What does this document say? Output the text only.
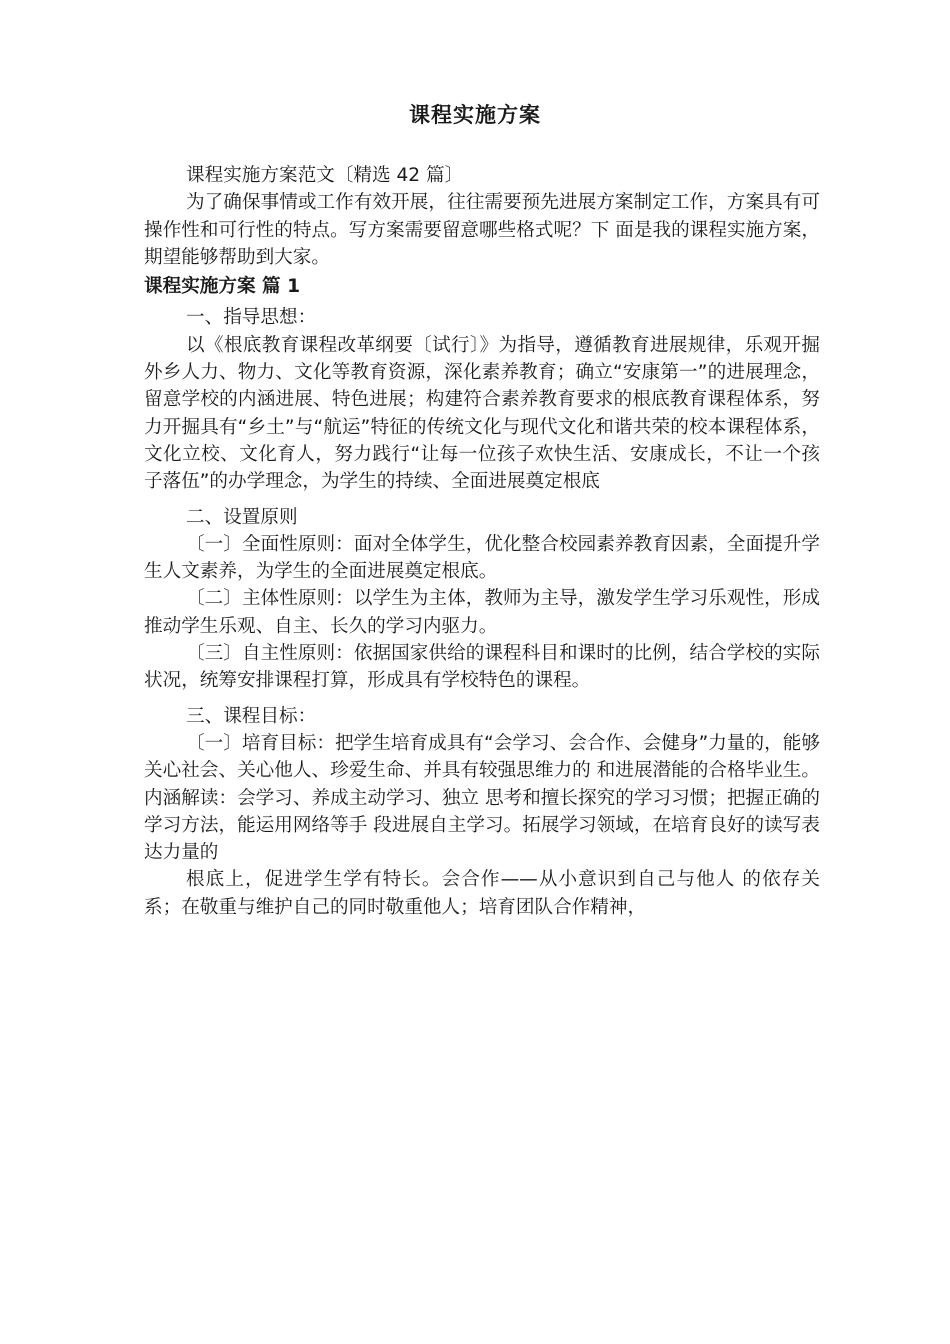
课程实施方案

课程实施方案范文〔精选 42 篇〕

为了确保事情或工作有效开展，往往需要预先进展方案制定工作，方案具有可操作性和可行性的特点。写方案需要留意哪些格式呢？下 面是我的课程实施方案，期望能够帮助到大家。

课程实施方案 篇 1

一、指导思想：

以《根底教育课程改革纲要〔试行〕》为指导，遵循教育进展规律，乐观开掘外乡人力、物力、文化等教育资源，深化素养教育；确立“安康第一”的进展理念，留意学校的内涵进展、特色进展；构建符合素养教育要求的根底教育课程体系，努力开掘具有“乡土”与“航运”特征的传统文化与现代文化和谐共荣的校本课程体系，文化立校、文化育人，努力践行“让每一位孩子欢快生活、安康成长，不让一个孩子落伍”的办学理念，为学生的持续、全面进展奠定根底

二、设置原则

〔一〕全面性原则：面对全体学生，优化整合校园素养教育因素，全面提升学生人文素养，为学生的全面进展奠定根底。

〔二〕主体性原则：以学生为主体，教师为主导，激发学生学习乐观性，形成推动学生乐观、自主、长久的学习内驱力。

〔三〕自主性原则：依据国家供给的课程科目和课时的比例，结合学校的实际状况，统筹安排课程打算，形成具有学校特色的课程。

三、课程目标：

〔一〕培育目标：把学生培育成具有“会学习、会合作、会健身”力量的，能够关心社会、关心他人、珍爱生命、并具有较强思维力的 和进展潜能的合格毕业生。内涵解读：会学习、养成主动学习、独立 思考和擅长探究的学习习惯；把握正确的学习方法，能运用网络等手 段进展自主学习。拓展学习领域，在培育良好的读写表达力量的

根底上，促进学生学有特长。会合作——从小意识到自己与他人 的依存关系；在敬重与维护自己的同时敬重他人；培育团队合作精神，
